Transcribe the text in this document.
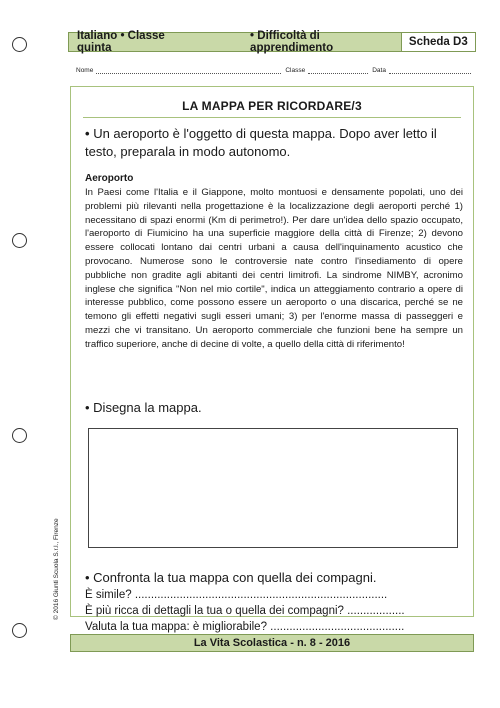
Italiano • Classe quinta
• Difficoltà di apprendimento	Scheda D3
Nome	Classe	Data
LA MAPPA PER RICORDARE/3
• Un aeroporto è l'oggetto di questa mappa. Dopo aver letto il testo, preparala in modo autonomo.
Aeroporto
In Paesi come l'Italia e il Giappone, molto montuosi e densamente popolati, uno dei problemi più rilevanti nella progettazione è la localizzazione degli aeroporti perché 1) necessitano di spazi enormi (Km di perimetro!). Per dare un'idea dello spazio occupato, l'aeroporto di Fiumicino ha una superficie maggiore della città di Firenze; 2) devono essere collocati lontano dai centri urbani a causa dell'inquinamento acustico che provocano. Numerose sono le controversie nate contro l'insediamento di opere pubbliche non gradite agli abitanti dei centri limitrofi. La sindrome NIMBY, acronimo inglese che significa "Non nel mio cortile", indica un atteggiamento contrario a opere di interesse pubblico, come possono essere un aeroporto o una discarica, perché se ne temono gli effetti negativi sugli esseri umani; 3) per l'enorme massa di passeggeri e mezzi che vi transitano. Un aeroporto commerciale che funzioni bene ha sempre un traffico superiore, anche di decine di volte, a quello della città di riferimento!
• Disegna la mappa.
• Confronta la tua mappa con quella dei compagni.
È simile? ...............................................................................
È più ricca di dettagli la tua o quella dei compagni? ..................
Valuta la tua mappa: è migliorabile? ..........................................
© 2016 Giunti Scuola S.r.l., Firenze
La Vita Scolastica - n. 8 - 2016
